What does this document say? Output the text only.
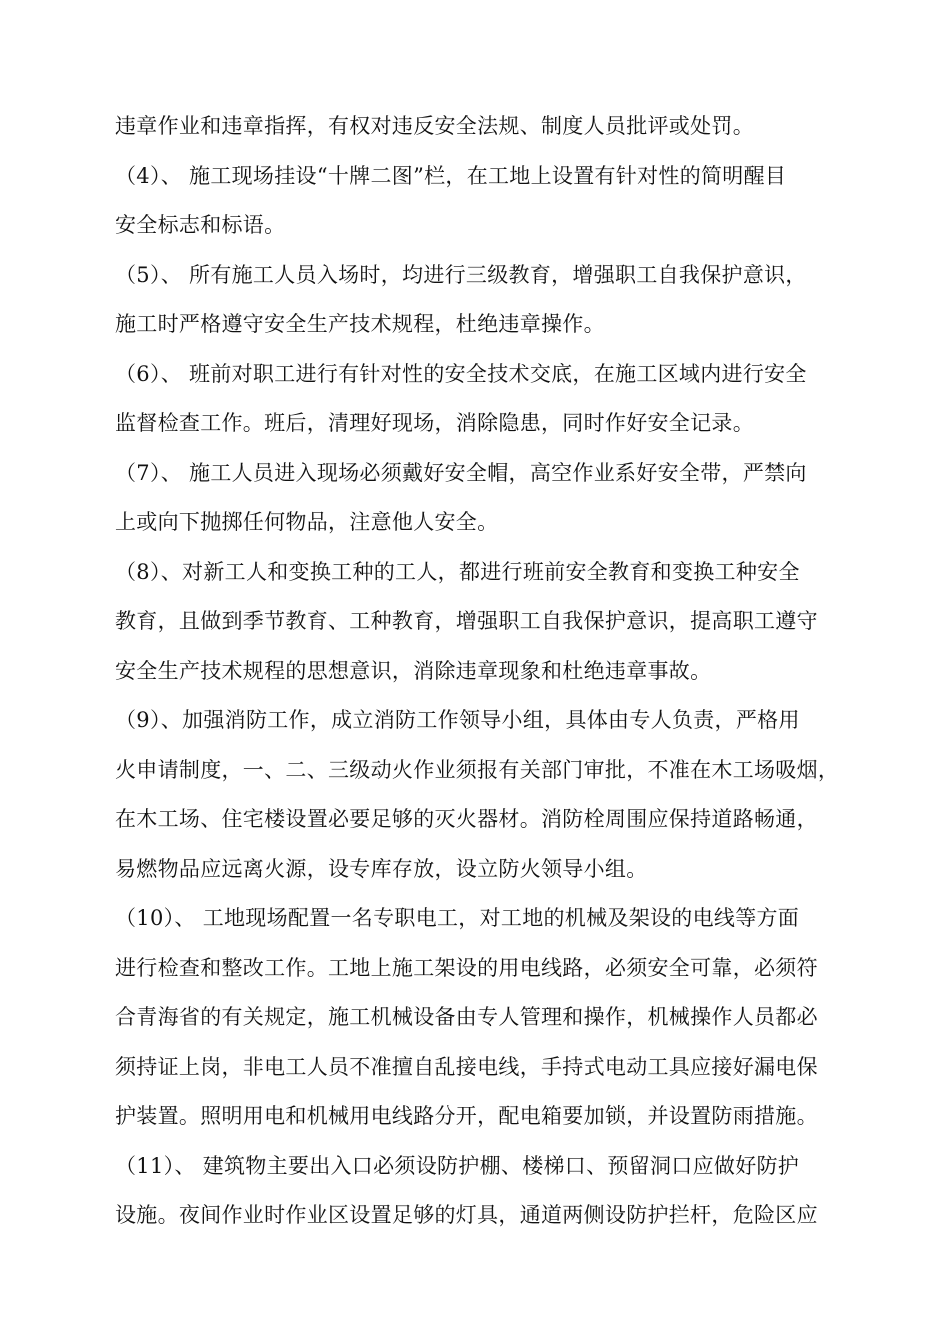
违章作业和违章指挥，有权对违反安全法规、制度人员批评或处罚。
（4）、 施工现场挂设“十牌二图”栏，在工地上设置有针对性的简明醒目
安全标志和标语。
（5）、 所有施工人员入场时，均进行三级教育，增强职工自我保护意识，
施工时严格遵守安全生产技术规程，杜绝违章操作。
（6）、 班前对职工进行有针对性的安全技术交底，在施工区域内进行安全
监督检查工作。班后，清理好现场，消除隐患，同时作好安全记录。
（7）、 施工人员进入现场必须戴好安全帽，高空作业系好安全带，严禁向
上或向下抛掷任何物品，注意他人安全。
（8）、对新工人和变换工种的工人，都进行班前安全教育和变换工种安全
教育，且做到季节教育、工种教育，增强职工自我保护意识，提高职工遵守
安全生产技术规程的思想意识，消除违章现象和杜绝违章事故。
（9）、加强消防工作，成立消防工作领导小组，具体由专人负责，严格用
火申请制度，一、二、三级动火作业须报有关部门审批，不准在木工场吸烟，
在木工场、住宅楼设置必要足够的灭火器材。消防栓周围应保持道路畅通，
易燃物品应远离火源，设专库存放，设立防火领导小组。
（10）、 工地现场配置一名专职电工，对工地的机械及架设的电线等方面
进行检查和整改工作。工地上施工架设的用电线路，必须安全可靠，必须符
合青海省的有关规定，施工机械设备由专人管理和操作，机械操作人员都必
须持证上岗，非电工人员不准擅自乱接电线，手持式电动工具应接好漏电保
护装置。照明用电和机械用电线路分开，配电箱要加锁，并设置防雨措施。
（11）、 建筑物主要出入口必须设防护棚、楼梯口、预留洞口应做好防护
设施。夜间作业时作业区设置足够的灯具，通道两侧设防护拦杆，危险区应
